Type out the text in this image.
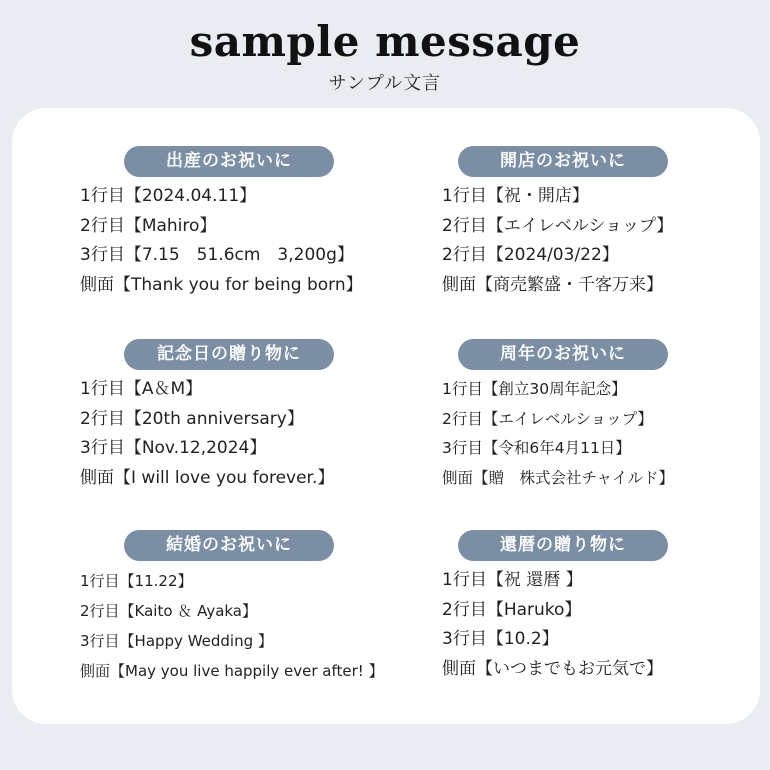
sample message
サンプル文言
出産のお祝いに
1行目【2024.04.11】
2行目【Mahiro】
3行目【7.15　51.6cm　3,200g】
側面【Thank you for being born】
開店のお祝いに
1行目【祝・開店】
2行目【エイレベルショップ】
2行目【2024/03/22】
側面【商売繁盛・千客万来】
記念日の贈り物に
1行目【A＆M】
2行目【20th anniversary】
3行目【Nov.12,2024】
側面【I will love you forever.】
周年のお祝いに
1行目【創立30周年記念】
2行目【エイレベルショップ】
3行目【令和6年4月11日】
側面【贈　株式会社チャイルド】
結婚のお祝いに
1行目【11.22】
2行目【Kaito ＆ Ayaka】
3行目【Happy Wedding 】
側面【May you live happily ever after! 】
還暦の贈り物に
1行目【祝 還暦 】
2行目【Haruko】
3行目【10.2】
側面【いつまでもお元気で】
